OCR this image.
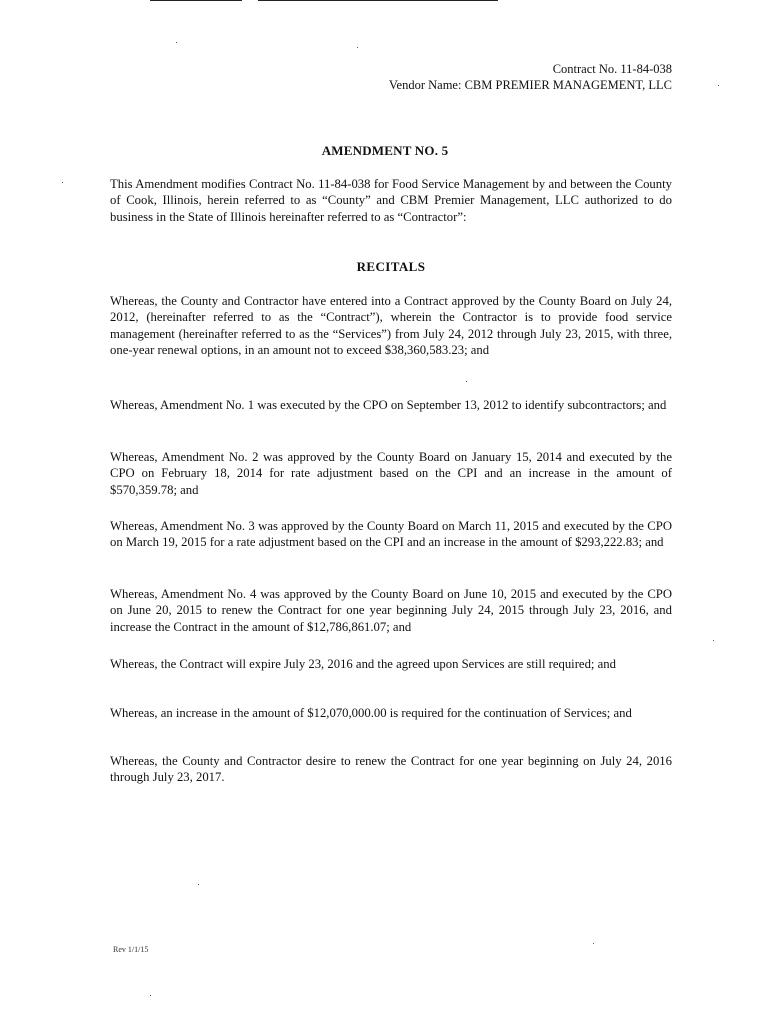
Contract No. 11-84-038
Vendor Name: CBM PREMIER MANAGEMENT, LLC
AMENDMENT NO. 5

This Amendment modifies Contract No. 11-84-038 for Food Service Management by and between the County of Cook, Illinois, herein referred to as “County” and CBM Premier Management, LLC authorized to do business in the State of Illinois hereinafter referred to as “Contractor”:

RECITALS

Whereas, the County and Contractor have entered into a Contract approved by the County Board on July 24, 2012, (hereinafter referred to as the “Contract”), wherein the Contractor is to provide food service management (hereinafter referred to as the “Services”) from July 24, 2012 through July 23, 2015, with three, one-year renewal options, in an amount not to exceed $38,360,583.23; and

Whereas, Amendment No. 1 was executed by the CPO on September 13, 2012 to identify subcontractors; and

Whereas, Amendment No. 2 was approved by the County Board on January 15, 2014 and executed by the CPO on February 18, 2014 for rate adjustment based on the CPI and an increase in the amount of $570,359.78; and

Whereas, Amendment No. 3 was approved by the County Board on March 11, 2015 and executed by the CPO on March 19, 2015 for a rate adjustment based on the CPI and an increase in the amount of $293,222.83; and

Whereas, Amendment No. 4 was approved by the County Board on June 10, 2015 and executed by the CPO on June 20, 2015 to renew the Contract for one year beginning July 24, 2015 through July 23, 2016, and increase the Contract in the amount of $12,786,861.07; and

Whereas, the Contract will expire July 23, 2016 and the agreed upon Services are still required; and

Whereas, an increase in the amount of $12,070,000.00 is required for the continuation of Services; and

Whereas, the County and Contractor desire to renew the Contract for one year beginning on July 24, 2016 through July 23, 2017.

Rev 1/1/15
